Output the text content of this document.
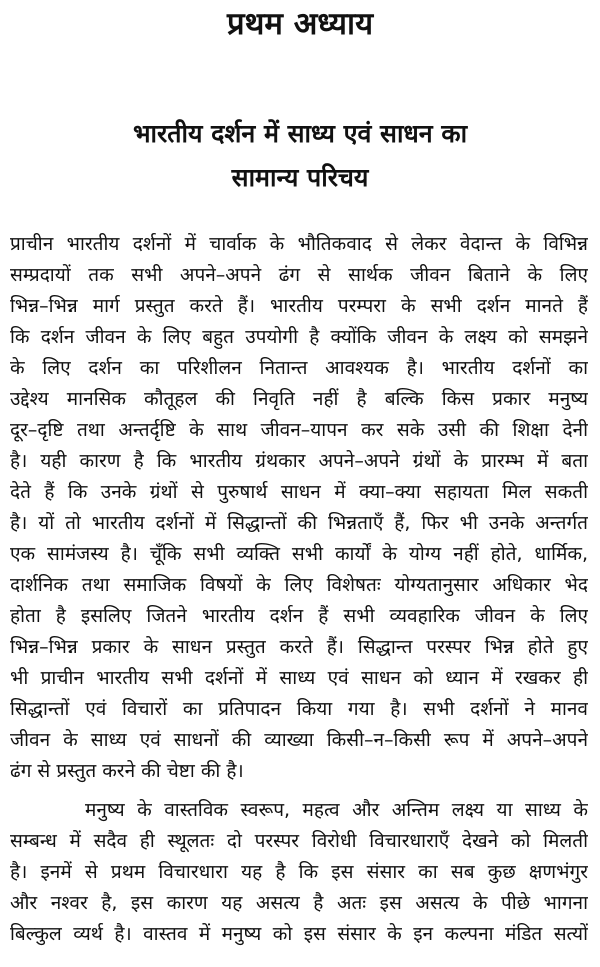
प्रथम अध्याय
भारतीय दर्शन में साध्य एवं साधन का
सामान्य परिचय
प्राचीन भारतीय दर्शनों में चार्वाक के भौतिकवाद से लेकर वेदान्त के विभिन्न
सम्प्रदायों तक सभी अपने–अपने ढंग से सार्थक जीवन बिताने के लिए
भिन्न–भिन्न मार्ग प्रस्तुत करते हैं। भारतीय परम्परा के सभी दर्शन मानते हैं
कि दर्शन जीवन के लिए बहुत उपयोगी है क्योंकि जीवन के लक्ष्य को समझने
के लिए दर्शन का परिशीलन नितान्त आवश्यक है। भारतीय दर्शनों का
उद्देश्य मानसिक कौतूहल की निवृति नहीं है बल्कि किस प्रकार मनुष्य
दूर–दृष्टि तथा अन्तर्दृष्टि के साथ जीवन–यापन कर सके उसी की शिक्षा देनी
है। यही कारण है कि भारतीय ग्रंथकार अपने–अपने ग्रंथों के प्रारम्भ में बता
देते हैं कि उनके ग्रंथों से पुरुषार्थ साधन में क्या–क्या सहायता मिल सकती
है। यों तो भारतीय दर्शनों में सिद्धान्तों की भिन्नताएँ हैं, फिर भी उनके अन्तर्गत
एक सामंजस्य है। चूँकि सभी व्यक्ति सभी कार्यों के योग्य नहीं होते, धार्मिक,
दार्शनिक तथा समाजिक विषयों के लिए विशेषतः योग्यतानुसार अधिकार भेद
होता है इसलिए जितने भारतीय दर्शन हैं सभी व्यवहारिक जीवन के लिए
भिन्न–भिन्न प्रकार के साधन प्रस्तुत करते हैं। सिद्धान्त परस्पर भिन्न होते हुए
भी प्राचीन भारतीय सभी दर्शनों में साध्य एवं साधन को ध्यान में रखकर ही
सिद्धान्तों एवं विचारों का प्रतिपादन किया गया है। सभी दर्शनों ने मानव
जीवन के साध्य एवं साधनों की व्याख्या किसी–न–किसी रूप में अपने–अपने
ढंग से प्रस्तुत करने की चेष्टा की है।
मनुष्य के वास्तविक स्वरूप, महत्व और अन्तिम लक्ष्य या साध्य के
सम्बन्ध में सदैव ही स्थूलतः दो परस्पर विरोधी विचारधाराएँ देखने को मिलती
है। इनमें से प्रथम विचारधारा यह है कि इस संसार का सब कुछ क्षणभंगुर
और नश्वर है, इस कारण यह असत्य है अतः इस असत्य के पीछे भागना
बिल्कुल व्यर्थ है। वास्तव में मनुष्य को इस संसार के इन कल्पना मंडित सत्यों
